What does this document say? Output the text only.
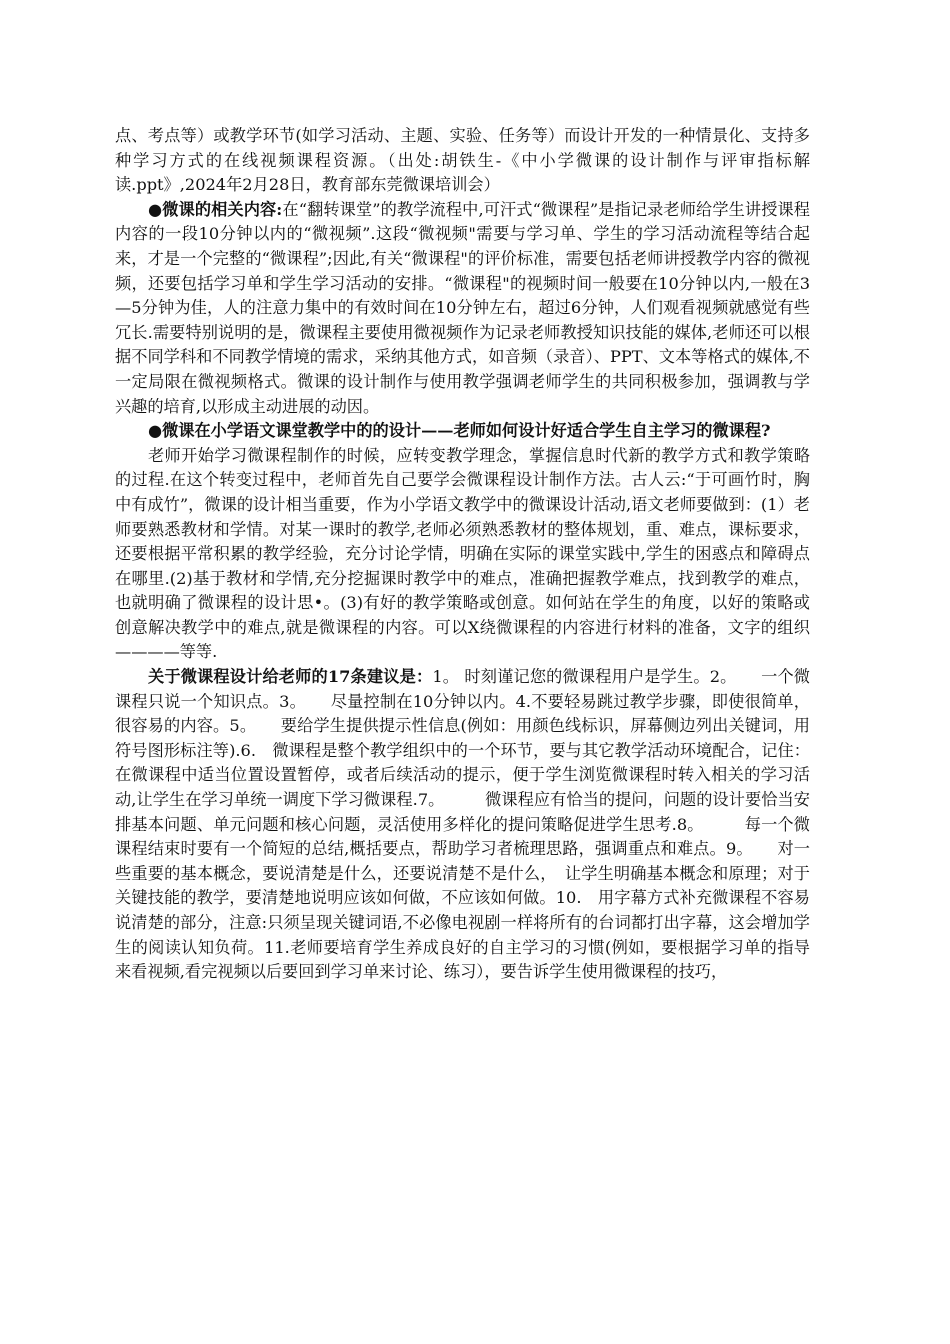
点、考点等）或教学环节(如学习活动、主题、实验、任务等）而设计开发的一种情景化、支持多种学习方式的在线视频课程资源。（出处:胡铁生-《中小学微课的设计制作与评审指标解读.ppt》,2024年2月28日，教育部东莞微课培训会）

●微课的相关内容:在“翻转课堂”的教学流程中,可汗式“微课程”是指记录老师给学生讲授课程内容的一段10分钟以内的“微视频”.这段“微视频"需要与学习单、学生的学习活动流程等结合起来，才是一个完整的“微课程”;因此,有关“微课程"的评价标准，需要包括老师讲授教学内容的微视频，还要包括学习单和学生学习活动的安排。“微课程"的视频时间一般要在10分钟以内,一般在3—5分钟为佳，人的注意力集中的有效时间在10分钟左右，超过6分钟，人们观看视频就感觉有些冗长.需要特别说明的是，微课程主要使用微视频作为记录老师教授知识技能的媒体,老师还可以根据不同学科和不同教学情境的需求，采纳其他方式，如音频（录音）、PPT、文本等格式的媒体,不一定局限在微视频格式。微课的设计制作与使用教学强调老师学生的共同积极参加，强调教与学兴趣的培育,以形成主动进展的动因。

●微课在小学语文课堂教学中的的设计——老师如何设计好适合学生自主学习的微课程?

老师开始学习微课程制作的时候，应转变教学理念，掌握信息时代新的教学方式和教学策略的过程.在这个转变过程中，老师首先自己要学会微课程设计制作方法。古人云:“于可画竹时，胸中有成竹”，微课的设计相当重要，作为小学语文教学中的微课设计活动,语文老师要做到：(1）老师要熟悉教材和学情。对某一课时的教学,老师必须熟悉教材的整体规划，重、难点，课标要求，还要根据平常积累的教学经验，充分讨论学情，明确在实际的课堂实践中,学生的困惑点和障碍点在哪里.(2)基于教材和学情,充分挖掘课时教学中的难点，准确把握教学难点，找到教学的难点，也就明确了微课程的设计思•。(3)有好的教学策略或创意。如何站在学生的角度，以好的策略或创意解决教学中的难点,就是微课程的内容。可以X绕微课程的内容进行材料的准备，文字的组织————等等.

关于微课程设计给老师的17条建议是：1。 时刻谨记您的微课程用户是学生。2。　　一个微课程只说一个知识点。3。　　尽量控制在10分钟以内。4.不要轻易跳过教学步骤，即使很简单，很容易的内容。5。　　要给学生提供提示性信息(例如：用颜色线标识，屏幕侧边列出关键词，用符号图形标注等).6.　微课程是整个教学组织中的一个环节，要与其它教学活动环境配合，记住：在微课程中适当位置设置暂停，或者后续活动的提示，便于学生浏览微课程时转入相关的学习活动,让学生在学习单统一调度下学习微课程.7。　　　微课程应有恰当的提问，问题的设计要恰当安排基本问题、单元问题和核心问题，灵活使用多样化的提问策略促进学生思考.8。　　　每一个微课程结束时要有一个简短的总结,概括要点，帮助学习者梳理思路，强调重点和难点。9。　　对一些重要的基本概念，要说清楚是什么，还要说清楚不是什么，　让学生明确基本概念和原理；对于关键技能的教学，要清楚地说明应该如何做，不应该如何做。10.　用字幕方式补充微课程不容易说清楚的部分，注意:只须呈现关键词语,不必像电视剧一样将所有的台词都打出字幕，这会增加学生的阅读认知负荷。11.老师要培育学生养成良好的自主学习的习惯(例如，要根据学习单的指导来看视频,看完视频以后要回到学习单来讨论、练习），要告诉学生使用微课程的技巧，
